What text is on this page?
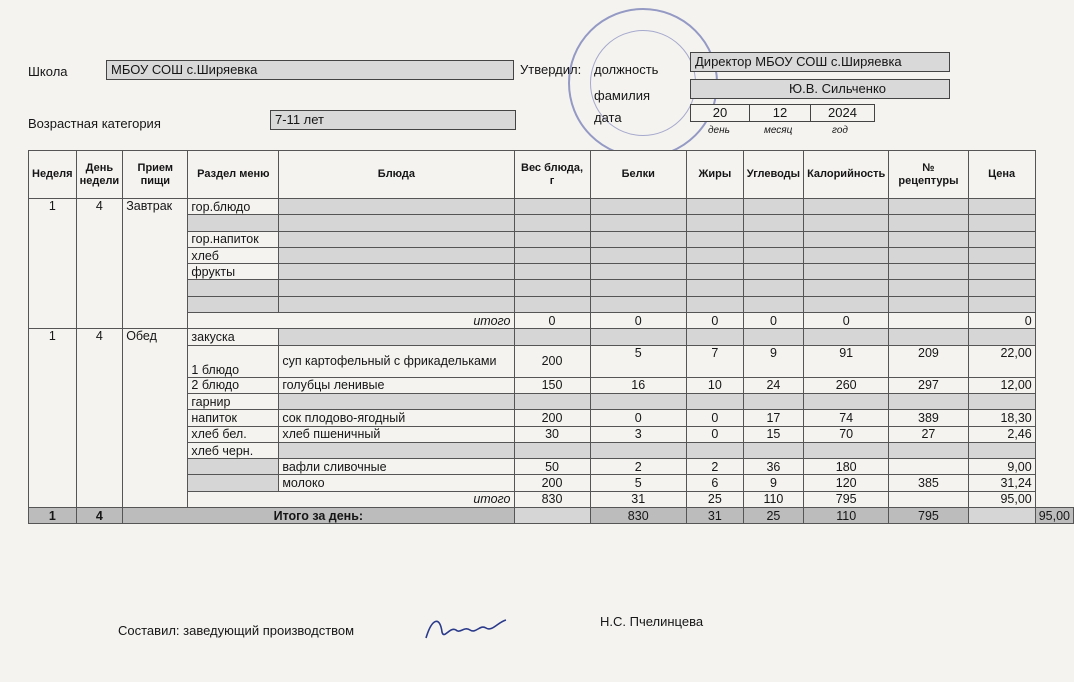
Школа	МБОУ СОШ с.Ширяевка
Возрастная категория	7-11 лет
Утвердил: должность
Директор МБОУ СОШ с.Ширяевка
фамилия	Ю.В. Сильченко
дата	20	12	2024
день	месяц	год
Неделя	День недели	Прием пищи	Раздел меню	Блюда	Вес блюда, г	Белки	Жиры	Углеводы	Калорийность	№ рецептуры	Цена	
1	4	Завтрак	гор.блюдо									

			гор.напиток									
			хлеб									
			фрукты									

			итого		0	0	0	0	0		0	
1	4	Обед	закуска									
			1 блюдо	суп картофельный с фрикадельками	200	5	7	9	91	209	22,00	
			2 блюдо	голубцы ленивые	150	16	10	24	260	297	12,00	
			гарнир									
			напиток	сок плодово-ягодный	200	0	0	17	74	389	18,30	
			хлеб бел.	хлеб пшеничный	30	3	0	15	70	27	2,46	
			хлеб черн.									
				вафли сливочные	50	2	2	36	180		9,00	
				молоко	200	5	6	9	120	385	31,24	
			итого		830	31	25	110	795		95,00	
1	4	Итого за день:				830	31	25	110	795		95,00
Составил: заведующий производством
Н.С. Пчелинцева
